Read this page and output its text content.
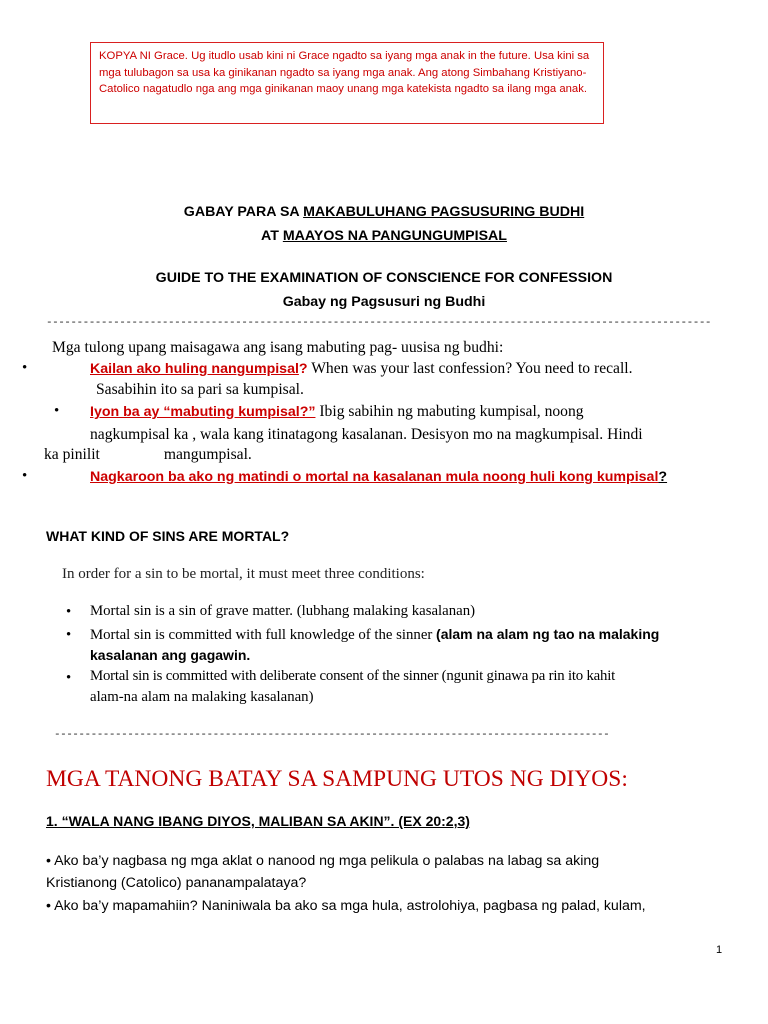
KOPYA NI Grace. Ug itudlo usab kini ni Grace ngadto sa iyang mga anak in the future. Usa kini sa mga tulubagon sa usa ka ginikanan ngadto sa iyang mga anak. Ang atong Simbahang Kristiyano-Catolico nagatudlo nga ang mga ginikanan maoy unang mga katekista ngadto sa ilang mga anak.
GABAY PARA SA MAKABULUHANG PAGSUSURING BUDHI
AT MAAYOS NA PANGUNGUMPISAL
GUIDE TO THE EXAMINATION OF CONSCIENCE FOR CONFESSION
Gabay ng Pagsusuri ng Budhi
-------------------------------------------------------------------------------------------------------------
Mga tulong upang maisagawa ang isang mabuting pag- uusisa ng budhi:
•	Kailan ako huling nangumpisal? When was your last confession? You need to recall.
Sasabihin ito sa pari sa kumpisal.
• Iyon ba ay “mabuting kumpisal?” Ibig sabihin ng mabuting kumpisal, noong
nagkumpisal ka , wala kang itinatagong kasalanan. Desisyon mo na magkumpisal. Hindi
ka pinilit	mangumpisal.
•	Nagkaroon ba ako ng matindi o mortal na kasalanan mula noong huli kong kumpisal?
WHAT KIND OF SINS ARE MORTAL?
In order for a sin to be mortal, it must meet three conditions:
• Mortal sin is a sin of grave matter. (lubhang malaking kasalanan)
• Mortal sin is committed with full knowledge of the sinner (alam na alam ng tao na malaking
kasalanan ang gagawin.
• Mortal sin is committed with deliberate consent of the sinner (ngunit ginawa pa rin ito kahit
alam-na alam na malaking kasalanan)
-------------------------------------------------------------------------------------------
MGA TANONG BATAY SA SAMPUNG UTOS NG DIYOS:
1. “WALA NANG IBANG DIYOS, MALIBAN SA AKIN”. (EX 20:2,3)
• Ako ba’y nagbasa ng mga aklat o nanood ng mga pelikula o palabas na labag sa aking
Kristianong (Catolico) pananampalataya?
• Ako ba’y mapamahiin? Naniniwala ba ako sa mga hula, astrolohiya, pagbasa ng palad, kulam,
1
